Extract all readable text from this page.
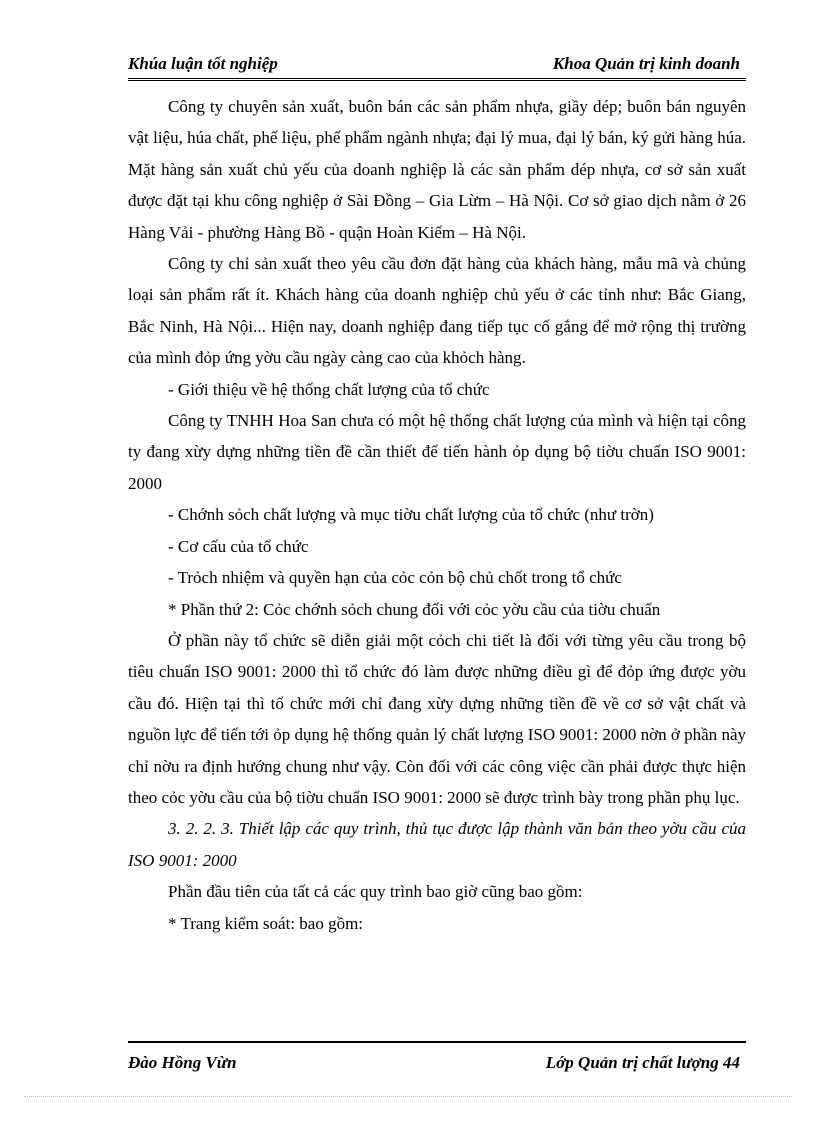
Khúa luận tốt nghiệp	Khoa Quản trị kinh doanh

Công ty chuyên sản xuất, buôn bán các sản phẩm nhựa, giầy dép; buôn bán nguyên vật liệu, húa chất, phế liệu, phế phẩm ngành nhựa; đại lý mua, đại lý bán, ký gửi hàng húa. Mặt hàng sản xuất chủ yếu của doanh nghiệp là các sản phẩm dép nhựa, cơ sở sản xuất được đặt tại khu công nghiệp ở Sài Đồng – Gia Lừm – Hà Nội. Cơ sở giao dịch nằm ở 26 Hàng Vải - phường Hàng Bồ - quận Hoàn Kiếm – Hà Nội.

Công ty chỉ sản xuất theo yêu cầu đơn đặt hàng của khách hàng, mẫu mã và chủng loại sản phẩm rất ít. Khách hàng của doanh nghiệp chủ yếu ở các tỉnh như: Bắc Giang, Bắc Ninh, Hà Nội... Hiện nay, doanh nghiệp đang tiếp tục cố gắng để mở rộng thị trường của mình đỏp ứng yờu cầu ngày càng cao của khỏch hàng.

- Giới thiệu về hệ thống chất lượng của tổ chức

Công ty TNHH Hoa San chưa có một hệ thống chất lượng của mình và hiện tại công ty đang xừy dựng những tiền đề cần thiết để tiến hành ỏp dụng bộ tiờu chuẩn ISO 9001: 2000

- Chớnh sỏch chất lượng và mục tiờu chất lượng của tổ chức (như trờn)

- Cơ cấu của tổ chức

- Trỏch nhiệm và quyền hạn của cỏc cỏn bộ chủ chốt trong tổ chức

* Phần thứ 2: Cỏc chớnh sỏch chung đối với cỏc yờu cầu của tiờu chuẩn

Ở phần này tổ chức sẽ diễn giải một cỏch chi tiết là đối với từng yêu cầu trong bộ tiêu chuẩn ISO 9001: 2000 thì tổ chức đó làm được những điều gì để đỏp ứng được yờu cầu đó. Hiện tại thì tổ chức mới chỉ đang xừy dựng những tiền đề về cơ sở vật chất và nguồn lực để tiến tới ỏp dụng hệ thống quản lý chất lượng ISO 9001: 2000 nờn ở phần này chỉ nờu ra định hướng chung như vậy. Còn đối với các công việc cần phải được thực hiện theo cỏc yờu cầu của bộ tiờu chuẩn ISO 9001: 2000 sẽ được trình bày trong phần phụ lục.

3. 2. 2. 3. Thiết lập các quy trình, thủ tục được lập thành văn bản theo yờu cầu của ISO 9001: 2000

Phần đầu tiên của tất cả các quy trình bao giờ cũng bao gồm:

* Trang kiểm soát: bao gồm:

Đào Hồng Vừn	Lớp Quản trị chất lượng 44
